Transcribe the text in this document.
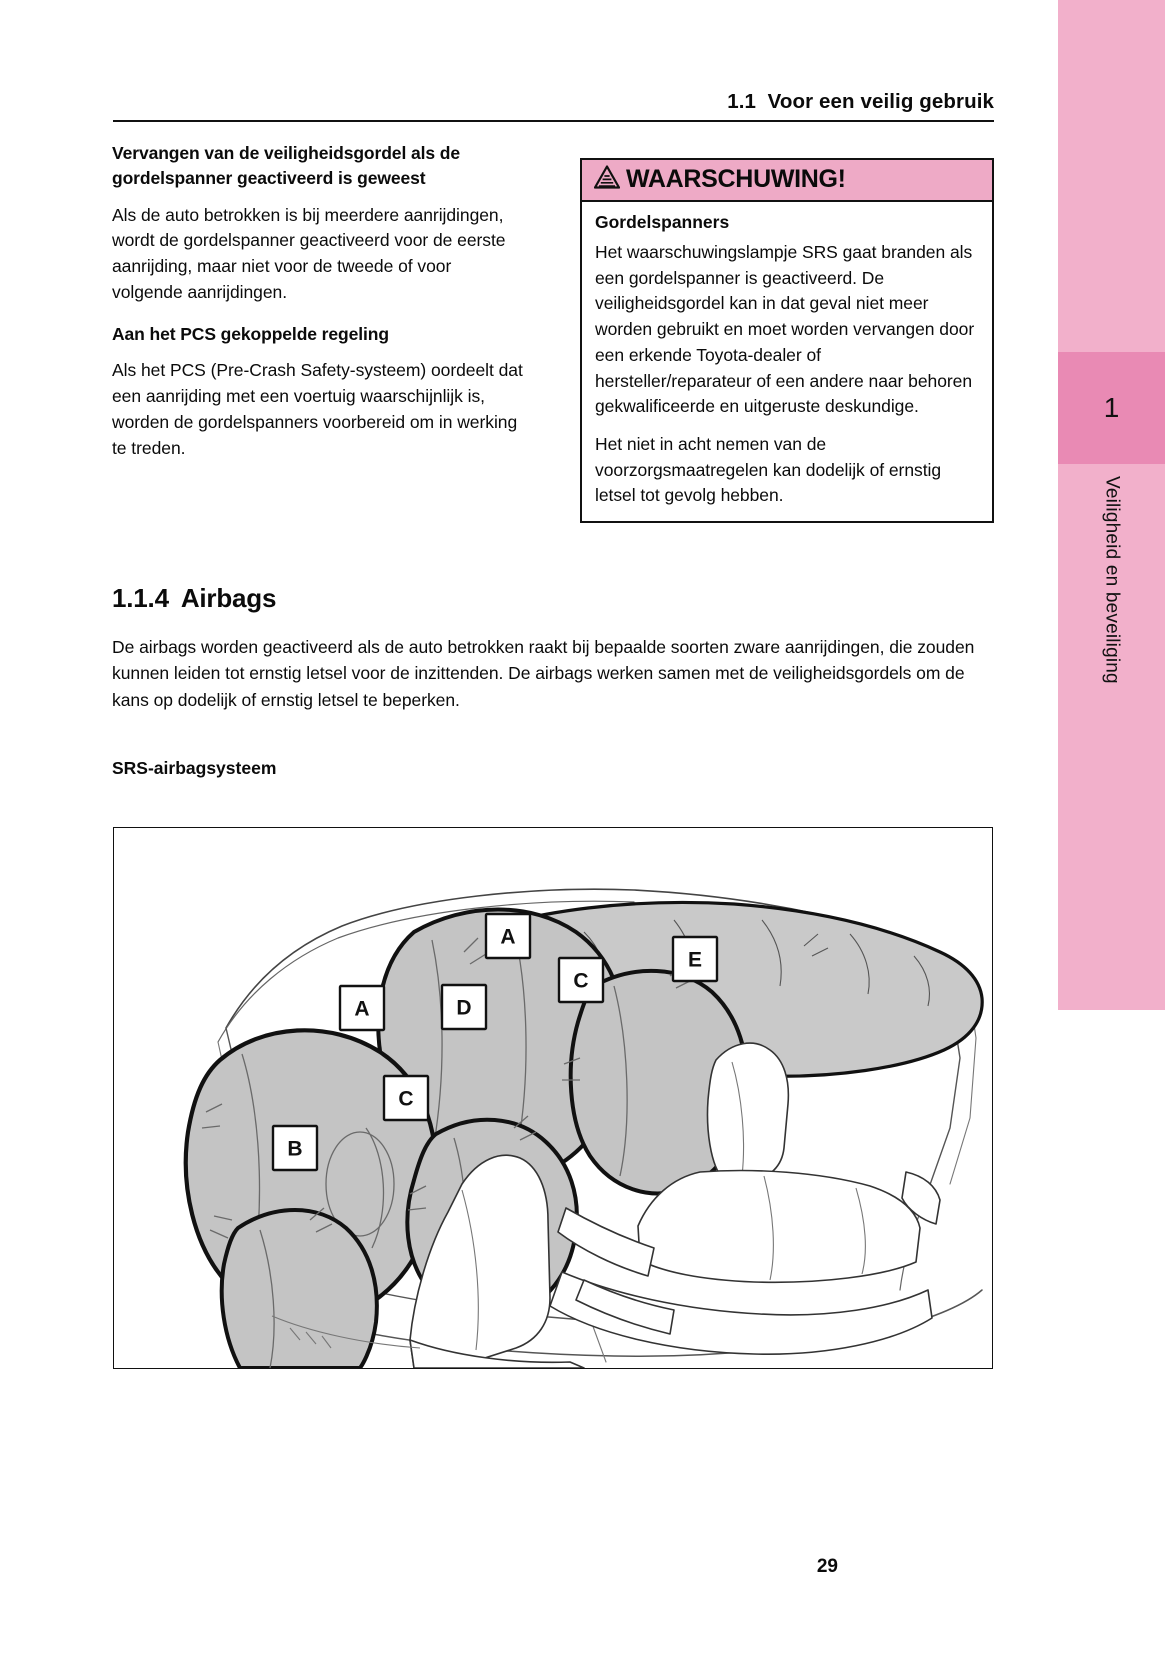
1
Veiligheid en beveiliging
1.1 Voor een veilig gebruik
Vervangen van de veiligheidsgordel als de gordelspanner geactiveerd is geweest

Als de auto betrokken is bij meerdere aanrijdingen, wordt de gordelspanner geactiveerd voor de eerste aanrijding, maar niet voor de tweede of voor volgende aanrijdingen.

Aan het PCS gekoppelde regeling

Als het PCS (Pre-Crash Safety-systeem) oordeelt dat een aanrijding met een voertuig waarschijnlijk is, worden de gordelspanners voorbereid om in werking te treden.

WAARSCHUWING!
Gordelspanners

Het waarschuwingslampje SRS gaat branden als een gordelspanner is geactiveerd. De veiligheidsgordel kan in dat geval niet meer worden gebruikt en moet worden vervangen door een erkende Toyota-dealer of hersteller/reparateur of een andere naar behoren gekwalificeerde en uitgeruste deskundige.

Het niet in acht nemen van de voorzorgsmaatregelen kan dodelijk of ernstig letsel tot gevolg hebben.

1.1.4 Airbags

De airbags worden geactiveerd als de auto betrokken raakt bij bepaalde soorten zware aanrijdingen, die zouden kunnen leiden tot ernstig letsel voor de inzittenden. De airbags werken samen met de veiligheidsgordels om de kans op dodelijk of ernstig letsel te beperken.

SRS-airbagsysteem
A
A	D
C
E
C
B
29
